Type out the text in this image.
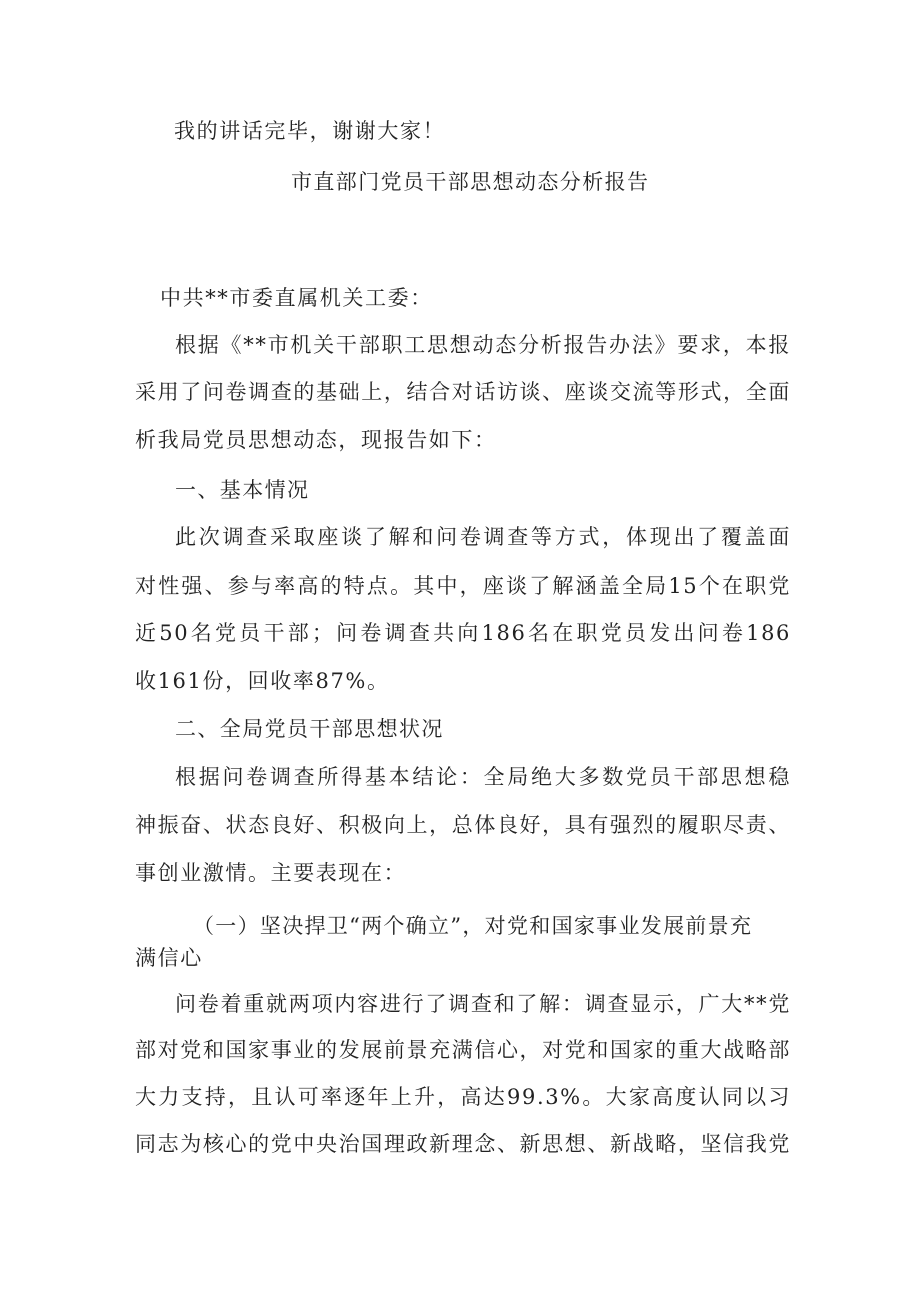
我的讲话完毕，谢谢大家！

市直部门党员干部思想动态分析报告

中共**市委直属机关工委：

根据《**市机关干部职工思想动态分析报告办法》要求，本报

采用了问卷调查的基础上，结合对话访谈、座谈交流等形式，全面

析我局党员思想动态，现报告如下：

一、基本情况

此次调查采取座谈了解和问卷调查等方式，体现出了覆盖面

对性强、参与率高的特点。其中，座谈了解涵盖全局15个在职党

近50名党员干部；问卷调查共向186名在职党员发出问卷186

收161份，回收率87%。

二、全局党员干部思想状况

根据问卷调查所得基本结论：全局绝大多数党员干部思想稳

神振奋、状态良好、积极向上，总体良好，具有强烈的履职尽责、

事创业激情。主要表现在：

（一）坚决捍卫“两个确立”，对党和国家事业发展前景充

满信心

问卷着重就两项内容进行了调查和了解：调查显示，广大**党

部对党和国家事业的发展前景充满信心，对党和国家的重大战略部

大力支持，且认可率逐年上升，高达99.3%。大家高度认同以习

同志为核心的党中央治国理政新理念、新思想、新战略，坚信我党
